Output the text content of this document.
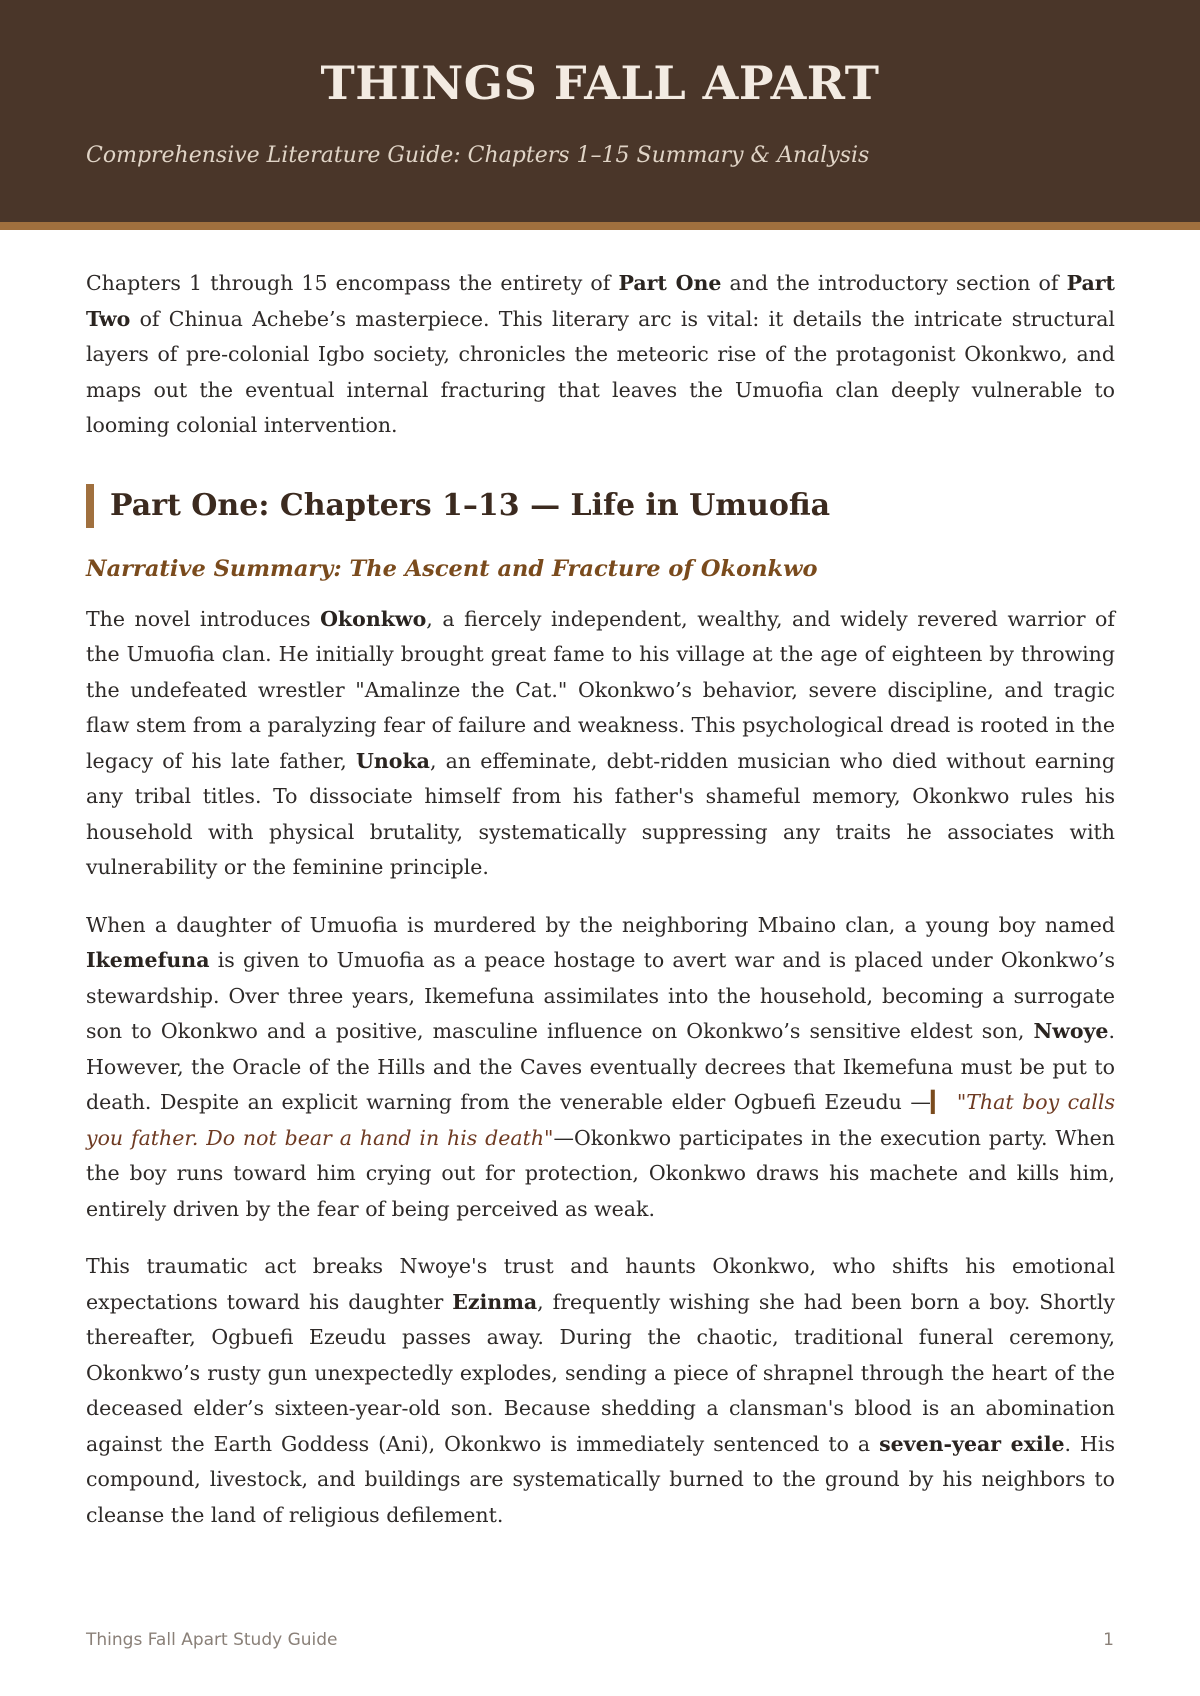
THINGS FALL APART

Comprehensive Literature Guide: Chapters 1–15 Summary & Analysis

Chapters 1 through 15 encompass the entirety of Part One and the introductory section of Part Two of Chinua Achebe’s masterpiece. This literary arc is vital: it details the intricate structural layers of pre-colonial Igbo society, chronicles the meteoric rise of the protagonist Okonkwo, and maps out the eventual internal fracturing that leaves the Umuofia clan deeply vulnerable to looming colonial intervention.

Part One: Chapters 1–13 — Life in Umuofia
Narrative Summary: The Ascent and Fracture of Okonkwo

The novel introduces Okonkwo, a fiercely independent, wealthy, and widely revered warrior of the Umuofia clan. He initially brought great fame to his village at the age of eighteen by throwing the undefeated wrestler "Amalinze the Cat." Okonkwo’s behavior, severe discipline, and tragic flaw stem from a paralyzing fear of failure and weakness. This psychological dread is rooted in the legacy of his late father, Unoka, an effeminate, debt-ridden musician who died without earning any tribal titles. To dissociate himself from his father's shameful memory, Okonkwo rules his household with physical brutality, systematically suppressing any traits he associates with vulnerability or the feminine principle.

When a daughter of Umuofia is murdered by the neighboring Mbaino clan, a young boy named Ikemefuna is given to Umuofia as a peace hostage to avert war and is placed under Okonkwo’s stewardship. Over three years, Ikemefuna assimilates into the household, becoming a surrogate son to Okonkwo and a positive, masculine influence on Okonkwo’s sensitive eldest son, Nwoye. However, the Oracle of the Hills and the Caves eventually decrees that Ikemefuna must be put to death. Despite an explicit warning from the venerable elder Ogbuefi Ezeudu —▎ "That boy calls you father. Do not bear a hand in his death"—Okonkwo participates in the execution party. When the boy runs toward him crying out for protection, Okonkwo draws his machete and kills him, entirely driven by the fear of being perceived as weak.

This traumatic act breaks Nwoye's trust and haunts Okonkwo, who shifts his emotional expectations toward his daughter Ezinma, frequently wishing she had been born a boy. Shortly thereafter, Ogbuefi Ezeudu passes away. During the chaotic, traditional funeral ceremony, Okonkwo’s rusty gun unexpectedly explodes, sending a piece of shrapnel through the heart of the deceased elder’s sixteen-year-old son. Because shedding a clansman's blood is an abomination against the Earth Goddess (Ani), Okonkwo is immediately sentenced to a seven-year exile. His compound, livestock, and buildings are systematically burned to the ground by his neighbors to cleanse the land of religious defilement.

Things Fall Apart Study Guide	1
